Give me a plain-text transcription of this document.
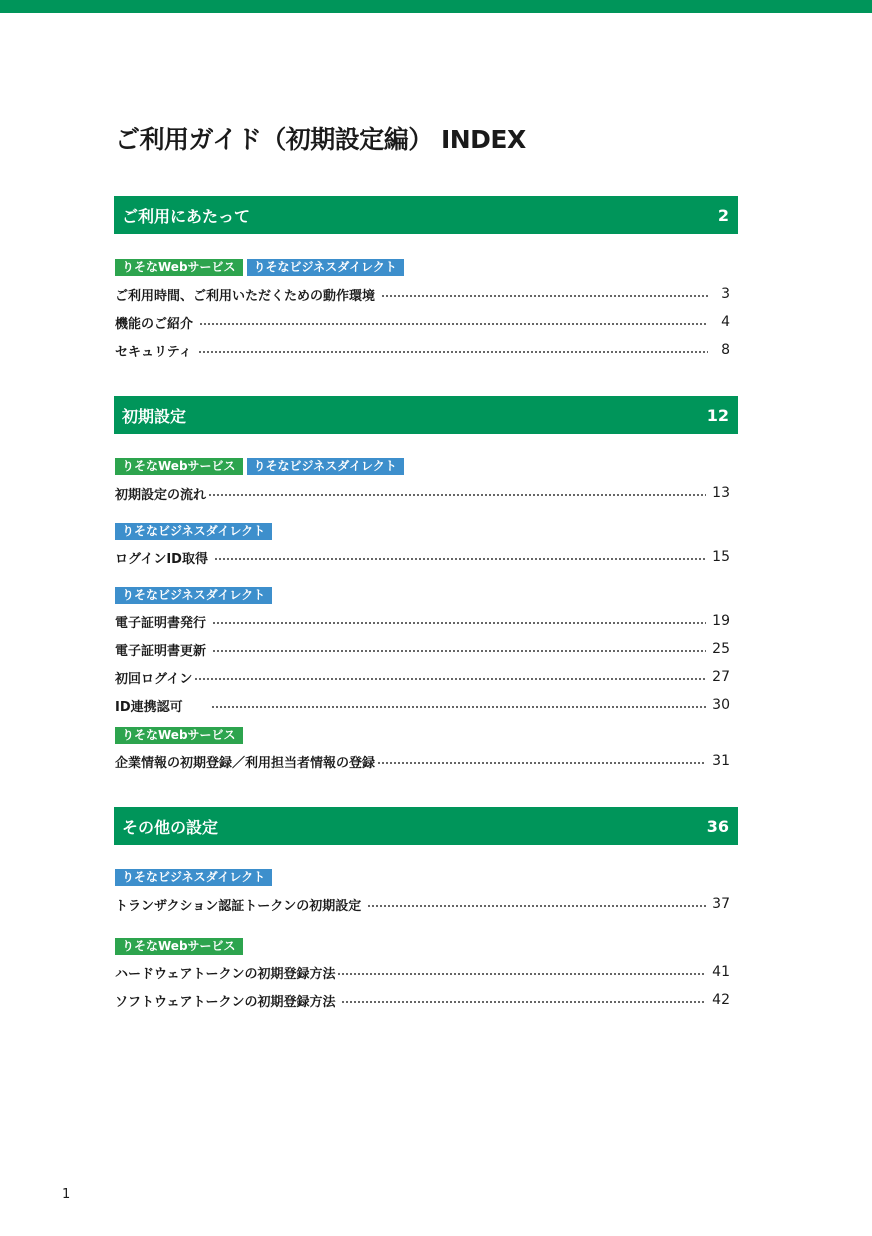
ご利用ガイド（初期設定編） INDEX
ご利用にあたって	2
りそなWebサービス	りそなビジネスダイレクト
ご利用時間、ご利用いただくための動作環境	3
機能のご紹介	4
セキュリティ	8
初期設定	12
りそなWebサービス	りそなビジネスダイレクト
初期設定の流れ	13
りそなビジネスダイレクト
ログインID取得	15
りそなビジネスダイレクト
電子証明書発行	19
電子証明書更新	25
初回ログイン	27
ID連携認可	30
りそなWebサービス
企業情報の初期登録／利用担当者情報の登録	31
その他の設定	36
りそなビジネスダイレクト
トランザクション認証トークンの初期設定	37
りそなWebサービス
ハードウェアトークンの初期登録方法	41
ソフトウェアトークンの初期登録方法	42
1
